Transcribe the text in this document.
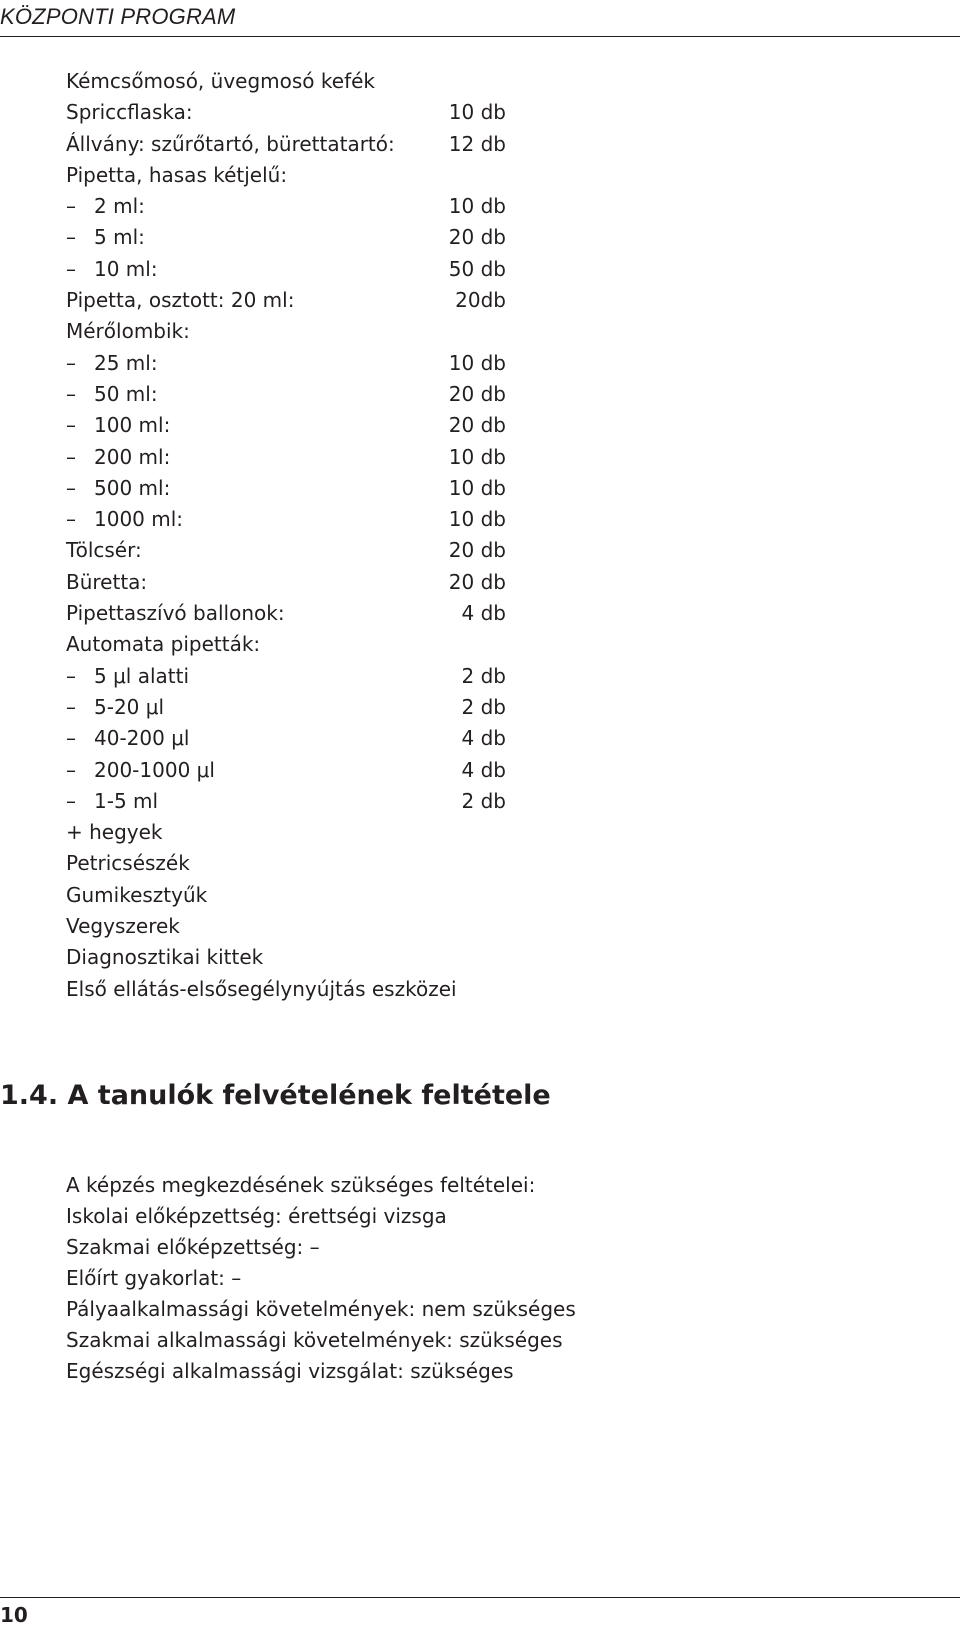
KÖZPONTI PROGRAM
Kémcsőmosó, üvegmosó kefék
Spriccflaska:	10 db
Állvány: szűrőtartó, bürettatartó:	12 db
Pipetta, hasas kétjelű:
– 2 ml:	10 db
– 5 ml:	20 db
– 10 ml:	50 db
Pipetta, osztott: 20 ml:	20db
Mérőlombik:
– 25 ml:	10 db
– 50 ml:	20 db
– 100 ml:	20 db
– 200 ml:	10 db
– 500 ml:	10 db
– 1000 ml:	10 db
Tölcsér:	20 db
Büretta:	20 db
Pipettaszívó ballonok:	4 db
Automata pipetták:
– 5 μl alatti	2 db
– 5-20 μl	2 db
– 40-200 μl	4 db
– 200-1000 μl	4 db
– 1-5 ml	2 db
+ hegyek
Petricsészék
Gumikesztyűk
Vegyszerek
Diagnosztikai kittek
Első ellátás-elsősegélynyújtás eszközei
1.4. A tanulók felvételének feltétele
A képzés megkezdésének szükséges feltételei:
Iskolai előképzettség: érettségi vizsga
Szakmai előképzettség: –
Előírt gyakorlat: –
Pályaalkalmassági követelmények: nem szükséges
Szakmai alkalmassági követelmények: szükséges
Egészségi alkalmassági vizsgálat: szükséges
10
